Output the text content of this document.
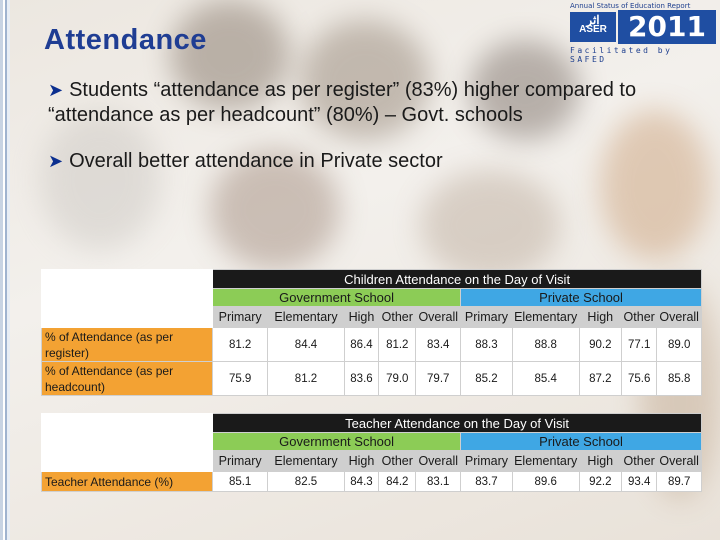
Attendance
Annual Status of Education Report
اثر
ASER 2011
Facilitated by SAFED
➤ Students “attendance as per register” (83%) higher compared to “attendance as per headcount” (80%) – Govt. schools
➤ Overall better attendance in Private sector
	Children Attendance on the Day of Visit									
	Government School					Private School				
	Primary	Elementary	High	Other	Overall	Primary	Elementary	High	Other	Overall
% of Attendance (as per register)	81.2	84.4	86.4	81.2	83.4	88.3	88.8	90.2	77.1	89.0
% of Attendance (as per headcount)	75.9	81.2	83.6	79.0	79.7	85.2	85.4	87.2	75.6	85.8
	Teacher Attendance on the Day of Visit									
	Government School					Private School				
	Primary	Elementary	High	Other	Overall	Primary	Elementary	High	Other	Overall
Teacher Attendance (%)	85.1	82.5	84.3	84.2	83.1	83.7	89.6	92.2	93.4	89.7
